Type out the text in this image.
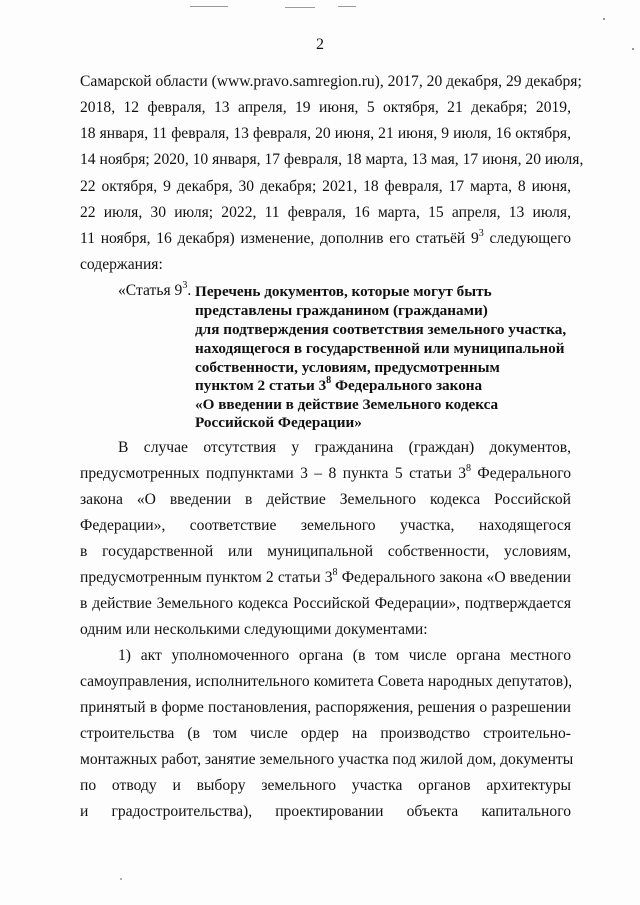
2
Самарской области (www.pravo.samregion.ru), 2017, 20 декабря, 29 декабря;
2018, 12 февраля, 13 апреля, 19 июня, 5 октября, 21 декабря; 2019,
18 января, 11 февраля, 13 февраля, 20 июня, 21 июня, 9 июля, 16 октября,
14 ноября; 2020, 10 января, 17 февраля, 18 марта, 13 мая, 17 июня, 20 июля,
22 октября, 9 декабря, 30 декабря; 2021, 18 февраля, 17 марта, 8 июня,
22 июля, 30 июля; 2022, 11 февраля, 16 марта, 15 апреля, 13 июля,
11 ноября, 16 декабря) изменение, дополнив его статьёй $9^3$ следующего
содержания:
«Статья $9^3$. Перечень документов, которые могут быть
представлены гражданином (гражданами)
для подтверждения соответствия земельного участка,
находящегося в государственной или муниципальной
собственности, условиям, предусмотренным
пунктом 2 статьи $3^8$ Федерального закона
«О введении в действие Земельного кодекса
Российской Федерации»
В случае отсутствия у гражданина (граждан) документов,
предусмотренных подпунктами 3 – 8 пункта 5 статьи $3^8$ Федерального
закона «О введении в действие Земельного кодекса Российской
Федерации», соответствие земельного участка, находящегося
в государственной или муниципальной собственности, условиям,
предусмотренным пунктом 2 статьи $3^8$ Федерального закона «О введении
в действие Земельного кодекса Российской Федерации», подтверждается
одним или несколькими следующими документами:
1) акт уполномоченного органа (в том числе органа местного
самоуправления, исполнительного комитета Совета народных депутатов),
принятый в форме постановления, распоряжения, решения о разрешении
строительства (в том числе ордер на производство строительно-
монтажных работ, занятие земельного участка под жилой дом, документы
по отводу и выбору земельного участка органов архитектуры
и градостроительства), проектировании объекта капитального
